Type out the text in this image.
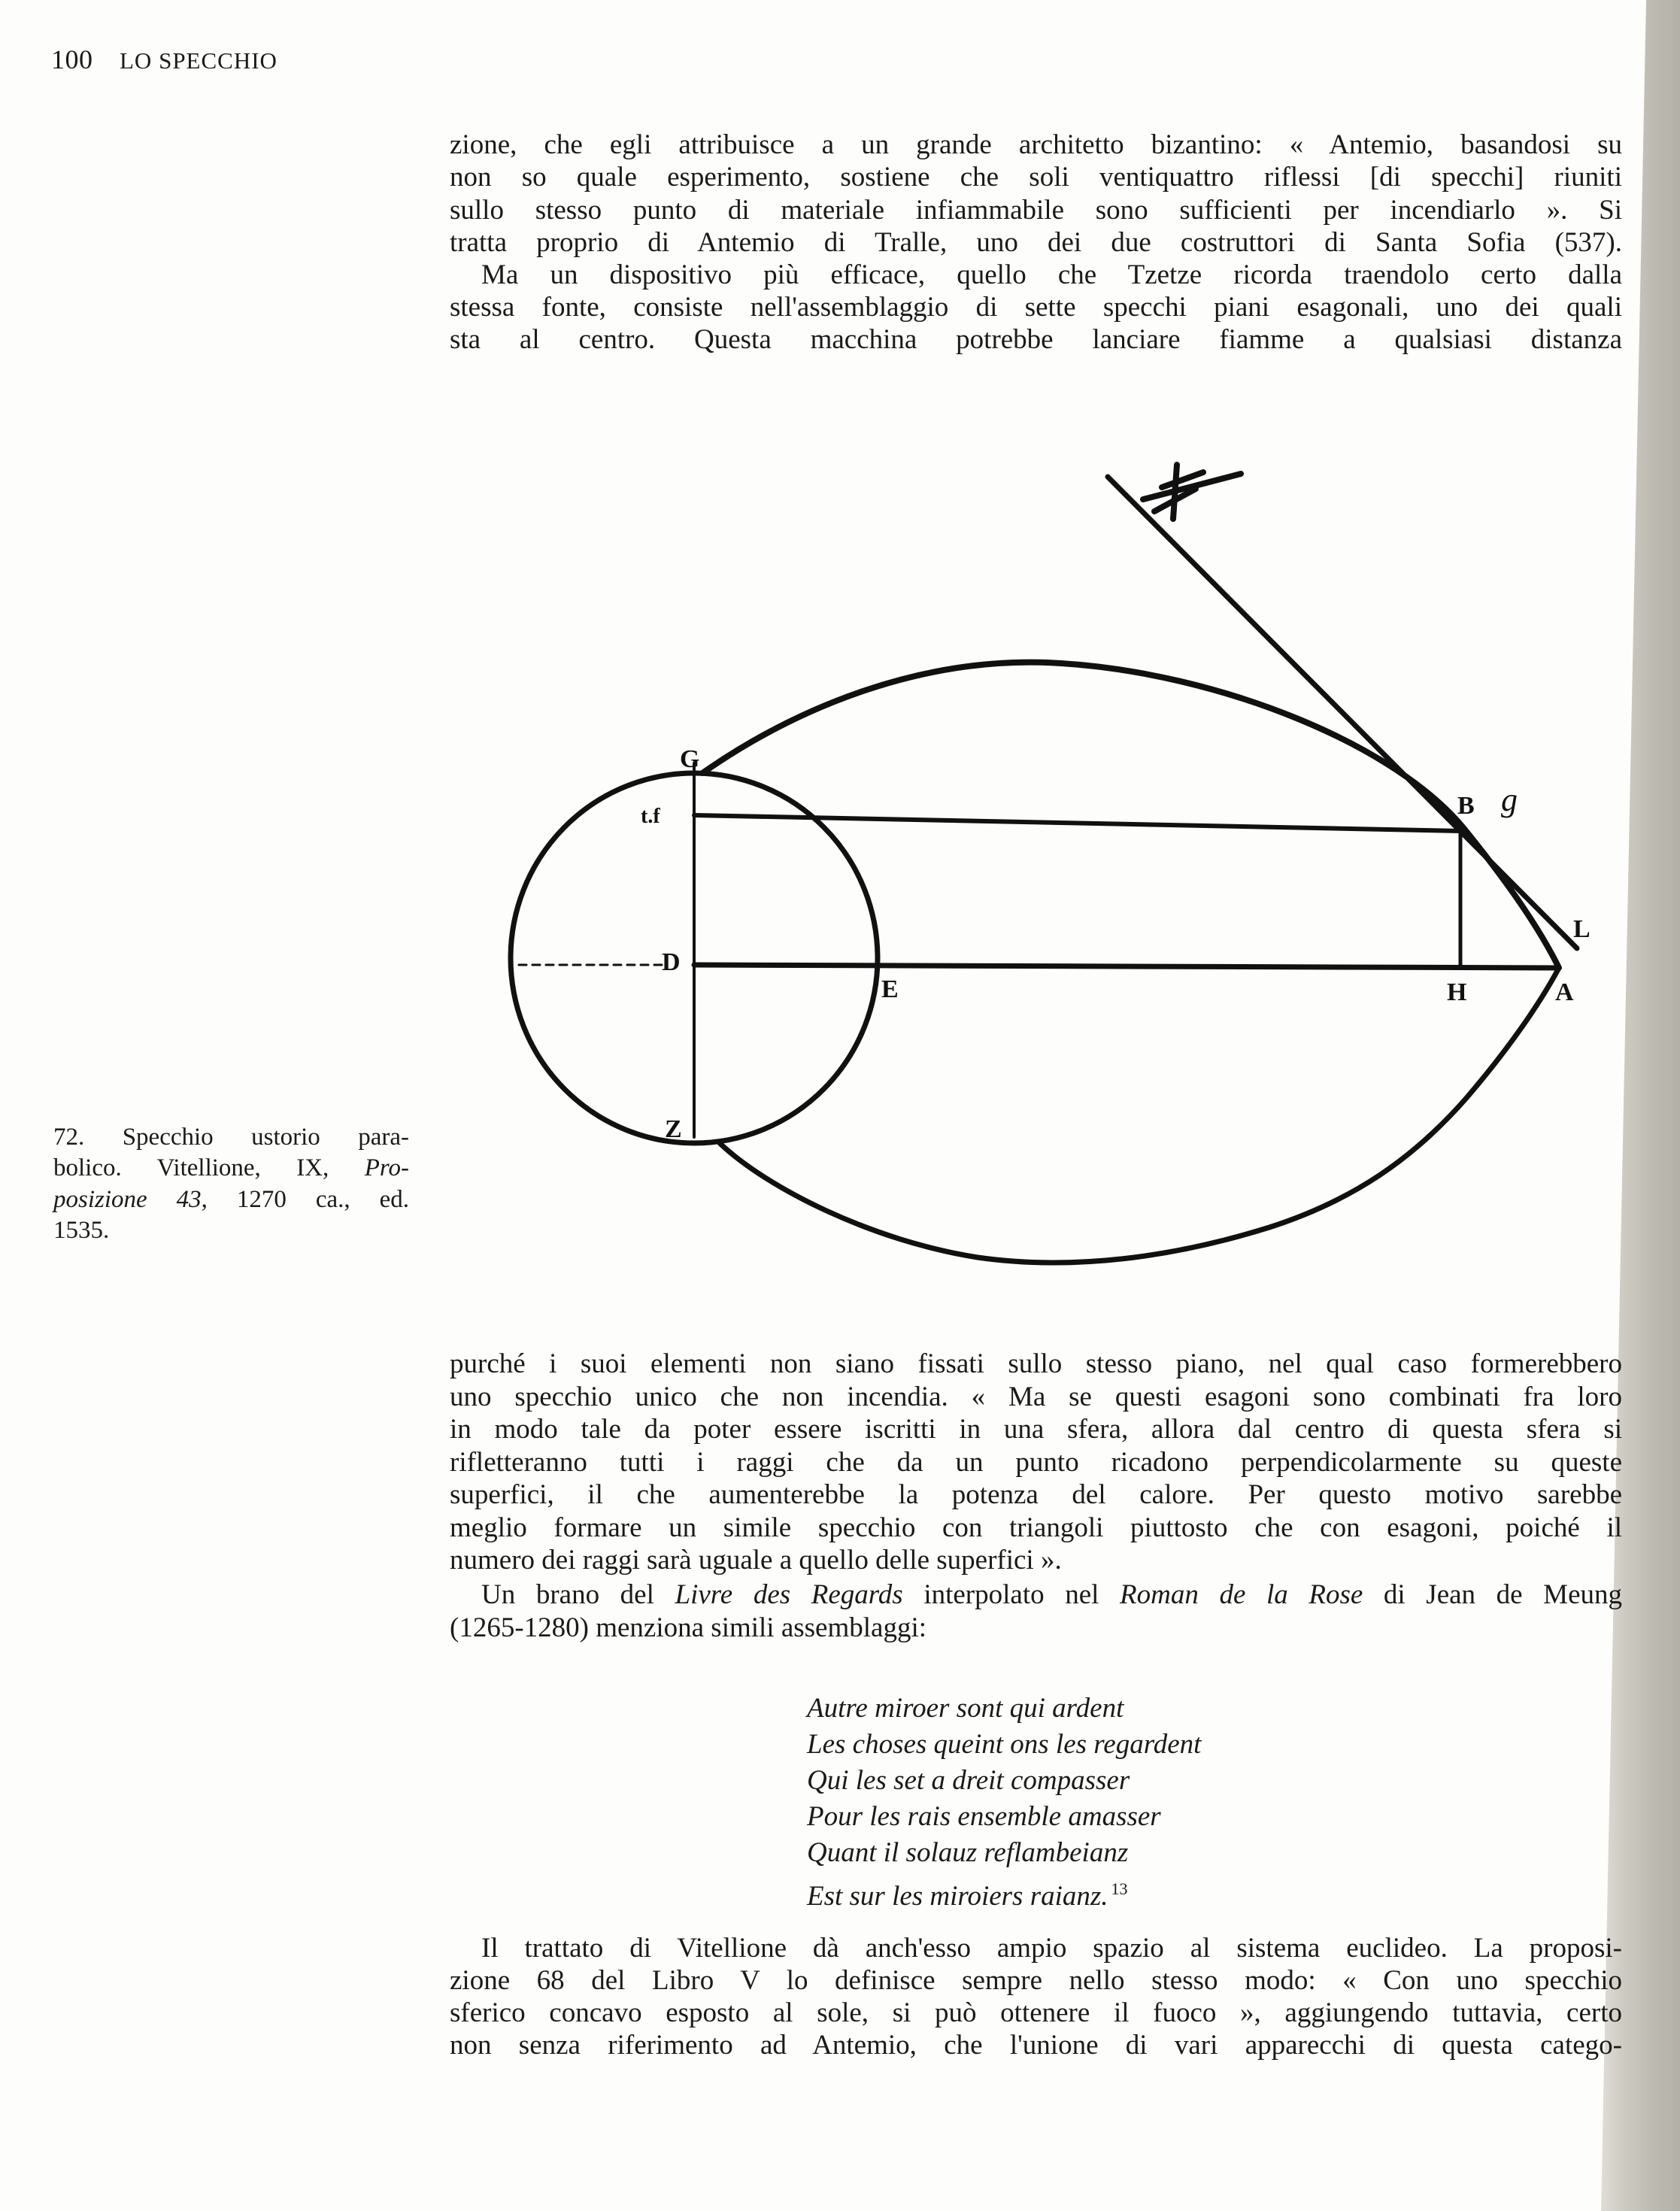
100 LO SPECCHIO
zione, che egli attribuisce a un grande architetto bizantino: « Antemio, basandosi su
non so quale esperimento, sostiene che soli ventiquattro riflessi [di specchi] riuniti
sullo stesso punto di materiale infiammabile sono sufficienti per incendiarlo ». Si
tratta proprio di Antemio di Tralle, uno dei due costruttori di Santa Sofia (537).
Ma un dispositivo più efficace, quello che Tzetze ricorda traendolo certo dalla
stessa fonte, consiste nell'assemblaggio di sette specchi piani esagonali, uno dei quali
sta al centro. Questa macchina potrebbe lanciare fiamme a qualsiasi distanza
G
t.f
D
E	H	A
L
B g
Z
72. Specchio ustorio para-
bolico. Vitellione, IX, Pro-
posizione 43, 1270 ca., ed.
1535.
purché i suoi elementi non siano fissati sullo stesso piano, nel qual caso formerebbero
uno specchio unico che non incendia. « Ma se questi esagoni sono combinati fra loro
in modo tale da poter essere iscritti in una sfera, allora dal centro di questa sfera si
rifletteranno tutti i raggi che da un punto ricadono perpendicolarmente su queste
superfici, il che aumenterebbe la potenza del calore. Per questo motivo sarebbe
meglio formare un simile specchio con triangoli piuttosto che con esagoni, poiché il
numero dei raggi sarà uguale a quello delle superfici ».
Un brano del Livre des Regards interpolato nel Roman de la Rose di Jean de Meung
(1265-1280) menziona simili assemblaggi:
Autre miroer sont qui ardent
Les choses queint ons les regardent
Qui les set a dreit compasser
Pour les rais ensemble amasser
Quant il solauz reflambeianz
Est sur les miroiers raianz. $^{13}$
Il trattato di Vitellione dà anch'esso ampio spazio al sistema euclideo. La proposi-
zione 68 del Libro V lo definisce sempre nello stesso modo: « Con uno specchio
sferico concavo esposto al sole, si può ottenere il fuoco », aggiungendo tuttavia, certo
non senza riferimento ad Antemio, che l'unione di vari apparecchi di questa catego-
